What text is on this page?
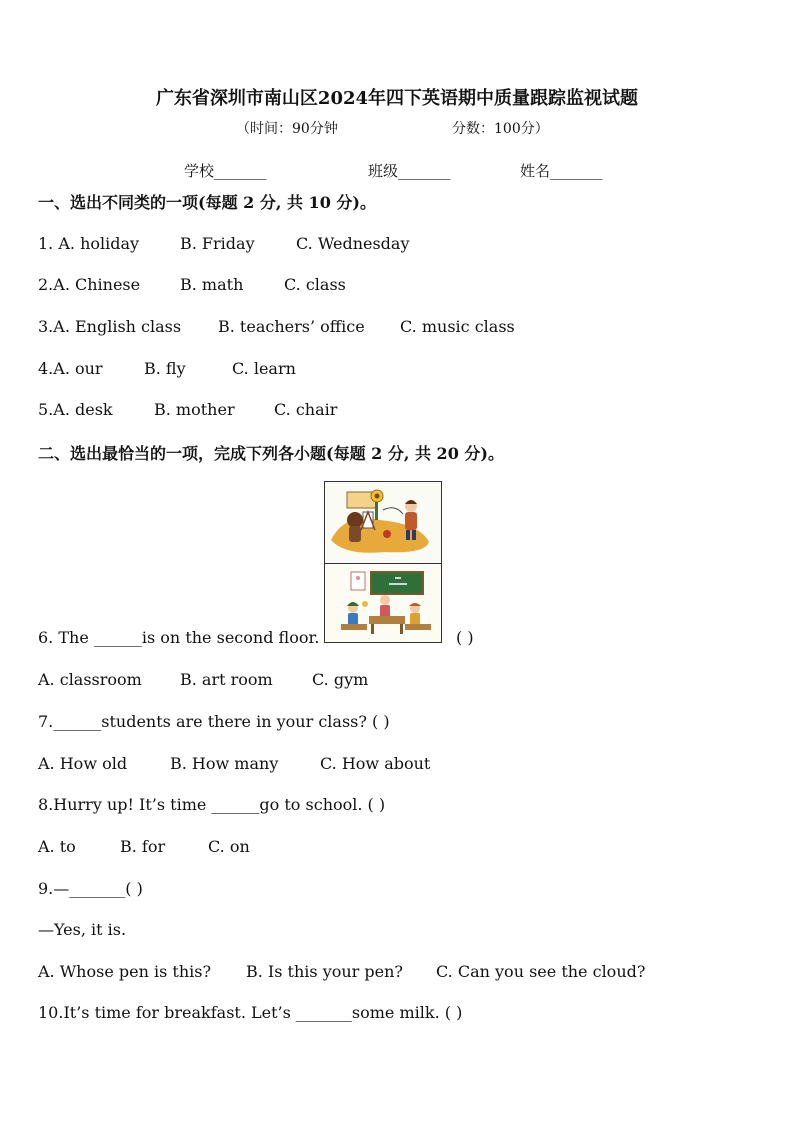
广东省深圳市南山区2024年四下英语期中质量跟踪监视试题
（时间：90分钟	分数：100分）
学校_______	班级_______	姓名_______
一、选出不同类的一项(每题 2 分, 共 10 分)。
1. A. holiday	B. Friday	C. Wednesday
2.A. Chinese B. math	C. class
3.A. English class B. teachers’ office C. music class
4.A. our	B. fly	C. learn
5.A. desk	B. mother C. chair
二、选出最恰当的一项，完成下列各小题(每题 2 分, 共 20 分)。
6. The ______is on the second floor.	( )
A. classroom B. art room C. gym
7.______students are there in your class? ( )
A. How old	B. How many	C. How about
8.Hurry up! It’s time ______go to school. ( )
A. to	B. for	C. on
9.—_______( )
—Yes, it is.
A. Whose pen is this? B. Is this your pen? C. Can you see the cloud?
10.It’s time for breakfast. Let’s _______some milk. ( )
